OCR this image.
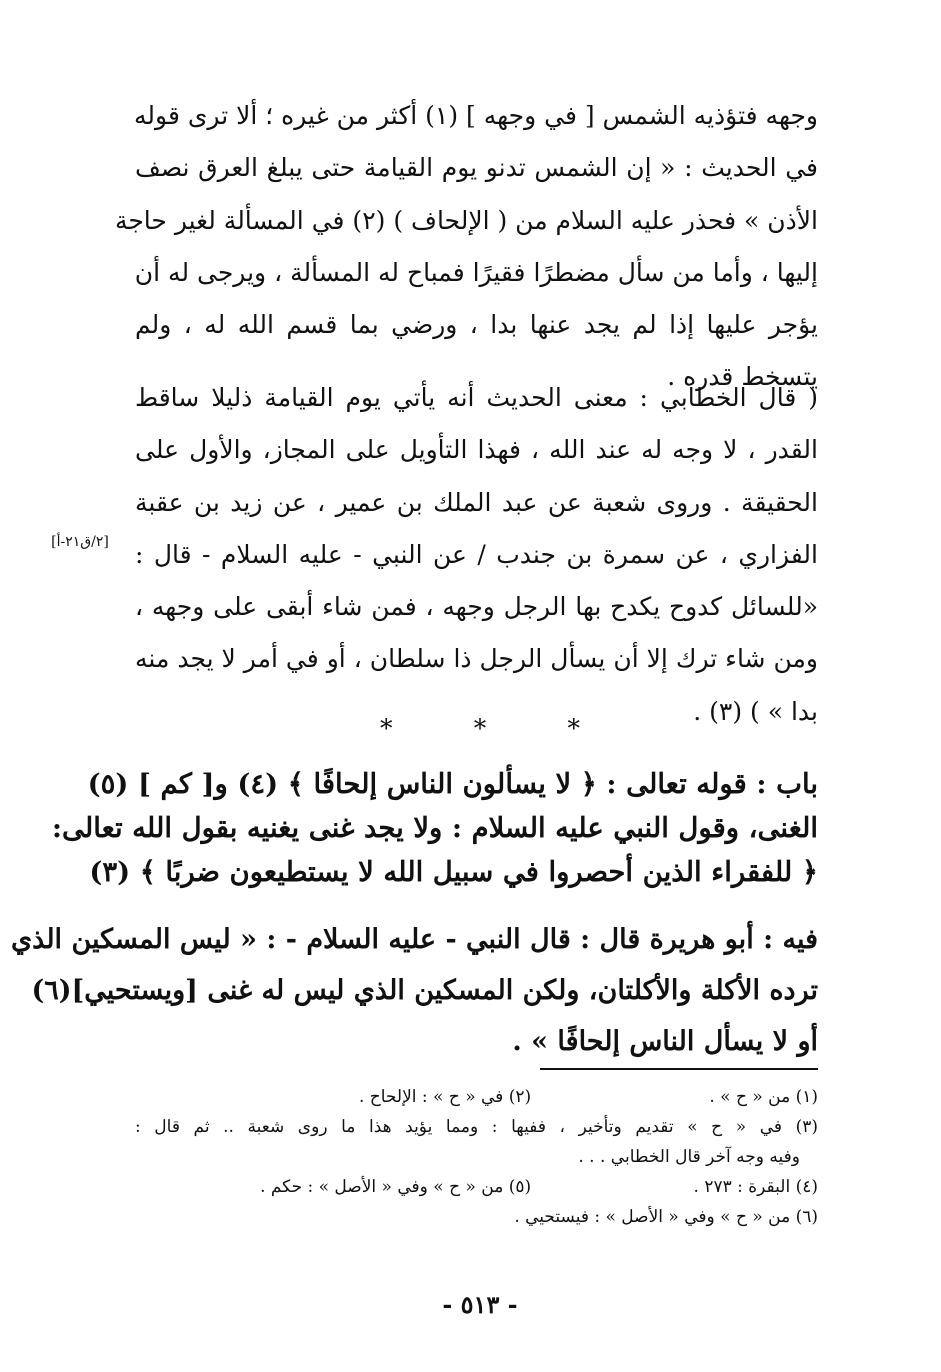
وجهه فتؤذيه الشمس [ في وجهه ] (١) أكثر من غيره ؛ ألا ترى قوله
في الحديث : « إن الشمس تدنو يوم القيامة حتى يبلغ العرق نصف
الأذن » فحذر عليه السلام من ( الإلحاف ) (٢) في المسألة لغير حاجة
إليها ، وأما من سأل مضطرًا فقيرًا فمباح له المسألة ، ويرجى له أن
يؤجر عليها إذا لم يجد عنها بدا ، ورضي بما قسم الله له ، ولم
يتسخط قدره .
( قال الخطابي : معنى الحديث أنه يأتي يوم القيامة ذليلا ساقط
القدر ، لا وجه له عند الله ، فهذا التأويل على المجاز، والأول على
الحقيقة . وروى شعبة عن عبد الملك بن عمير ، عن زيد بن عقبة
الفزاري ، عن سمرة بن جندب / عن النبي - عليه السلام - قال :
«للسائل كدوح يكدح بها الرجل وجهه ، فمن شاء أبقى على وجهه ،
ومن شاء ترك إلا أن يسأل الرجل ذا سلطان ، أو في أمر لا يجد منه
بدا » ) (٣) .
[٢/ق٢١-أ]
*	*	*
باب : قوله تعالى : ﴿ لا يسألون الناس إلحافًا ﴾ (٤) و[ كم ] (٥)
الغنى، وقول النبي عليه السلام : ولا يجد غنى يغنيه بقول الله تعالى:
﴿ للفقراء الذين أحصروا في سبيل الله لا يستطيعون ضربًا ﴾ (٣)
فيه : أبو هريرة قال : قال النبي - عليه السلام - : « ليس المسكين الذي
ترده الأكلة والأكلتان، ولكن المسكين الذي ليس له غنى [ويستحيي](٦)
أو لا يسأل الناس إلحافًا » .
(١) من « ح » .
(٢) في « ح » : الإلحاح .
(٣) في « ح » تقديم وتأخير ، ففيها : ومما يؤيد هذا ما روى شعبة .. ثم قال :
وفيه وجه آخر قال الخطابي . . .
(٤) البقرة : ٢٧٣ .
(٥) من « ح » وفي « الأصل » : حكم .
(٦) من « ح » وفي « الأصل » : فيستحيي .
- ٥١٣ -
